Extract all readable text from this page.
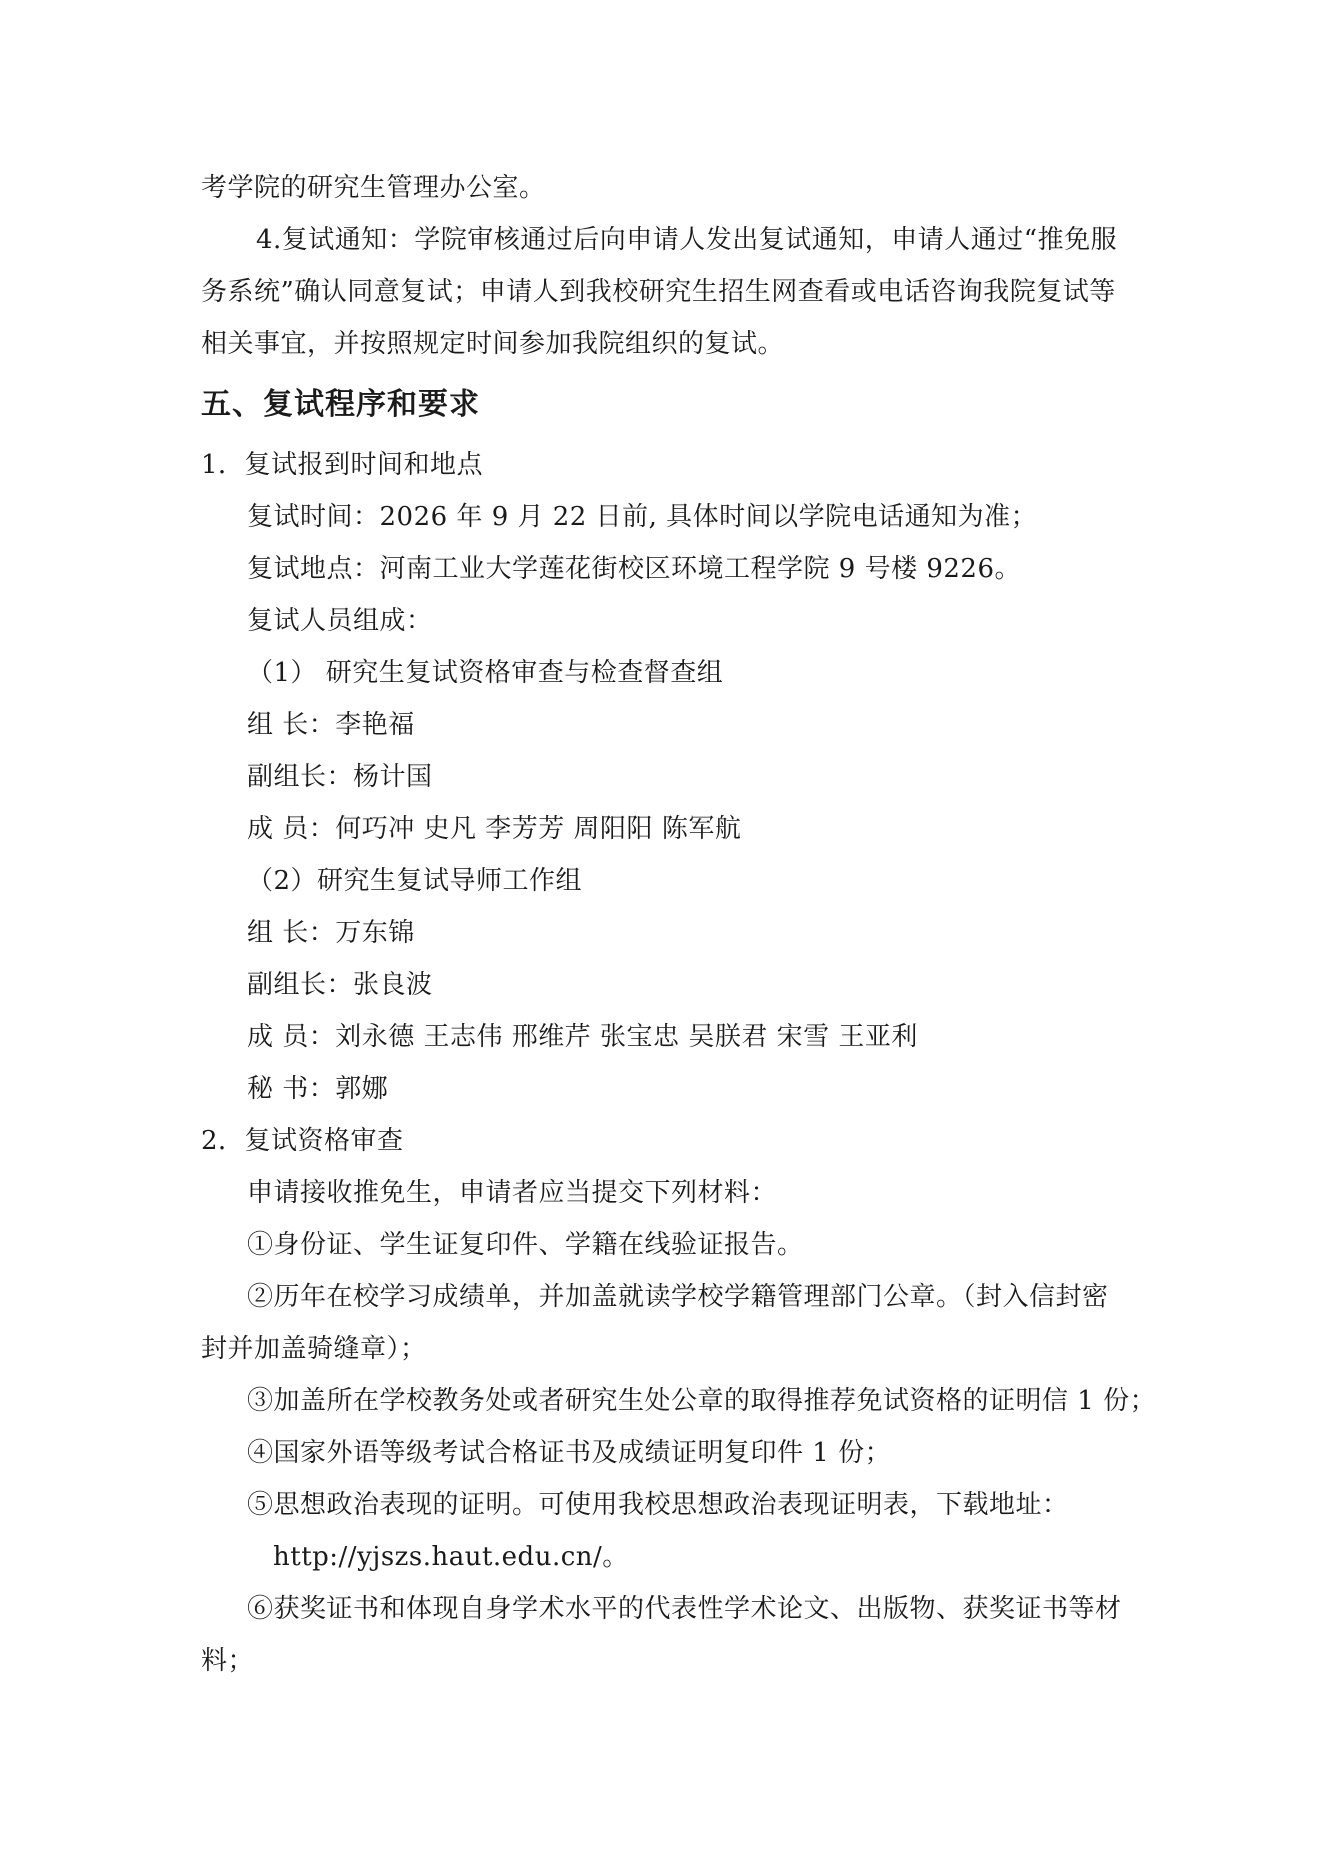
考学院的研究生管理办公室。
4.复试通知：学院审核通过后向申请人发出复试通知，申请人通过“推免服
务系统”确认同意复试；申请人到我校研究生招生网查看或电话咨询我院复试等
相关事宜，并按照规定时间参加我院组织的复试。
五、复试程序和要求
1．复试报到时间和地点
复试时间：2026 年 9 月 22 日前, 具体时间以学院电话通知为准；
复试地点：河南工业大学莲花街校区环境工程学院 9 号楼 9226。
复试人员组成：
（1） 研究生复试资格审查与检查督查组
组 长：李艳福
副组长：杨计国
成 员：何巧冲 史凡 李芳芳 周阳阳 陈军航
（2）研究生复试导师工作组
组 长：万东锦
副组长：张良波
成 员：刘永德 王志伟 邢维芹 张宝忠 吴朕君 宋雪 王亚利
秘 书：郭娜
2．复试资格审查
申请接收推免生，申请者应当提交下列材料：
①身份证、学生证复印件、学籍在线验证报告。
②历年在校学习成绩单，并加盖就读学校学籍管理部门公章。（封入信封密
封并加盖骑缝章）；
③加盖所在学校教务处或者研究生处公章的取得推荐免试资格的证明信 1 份；
④国家外语等级考试合格证书及成绩证明复印件 1 份；
⑤思想政治表现的证明。可使用我校思想政治表现证明表，下载地址：
http://yjszs.haut.edu.cn/。
⑥获奖证书和体现自身学术水平的代表性学术论文、出版物、获奖证书等材
料；
